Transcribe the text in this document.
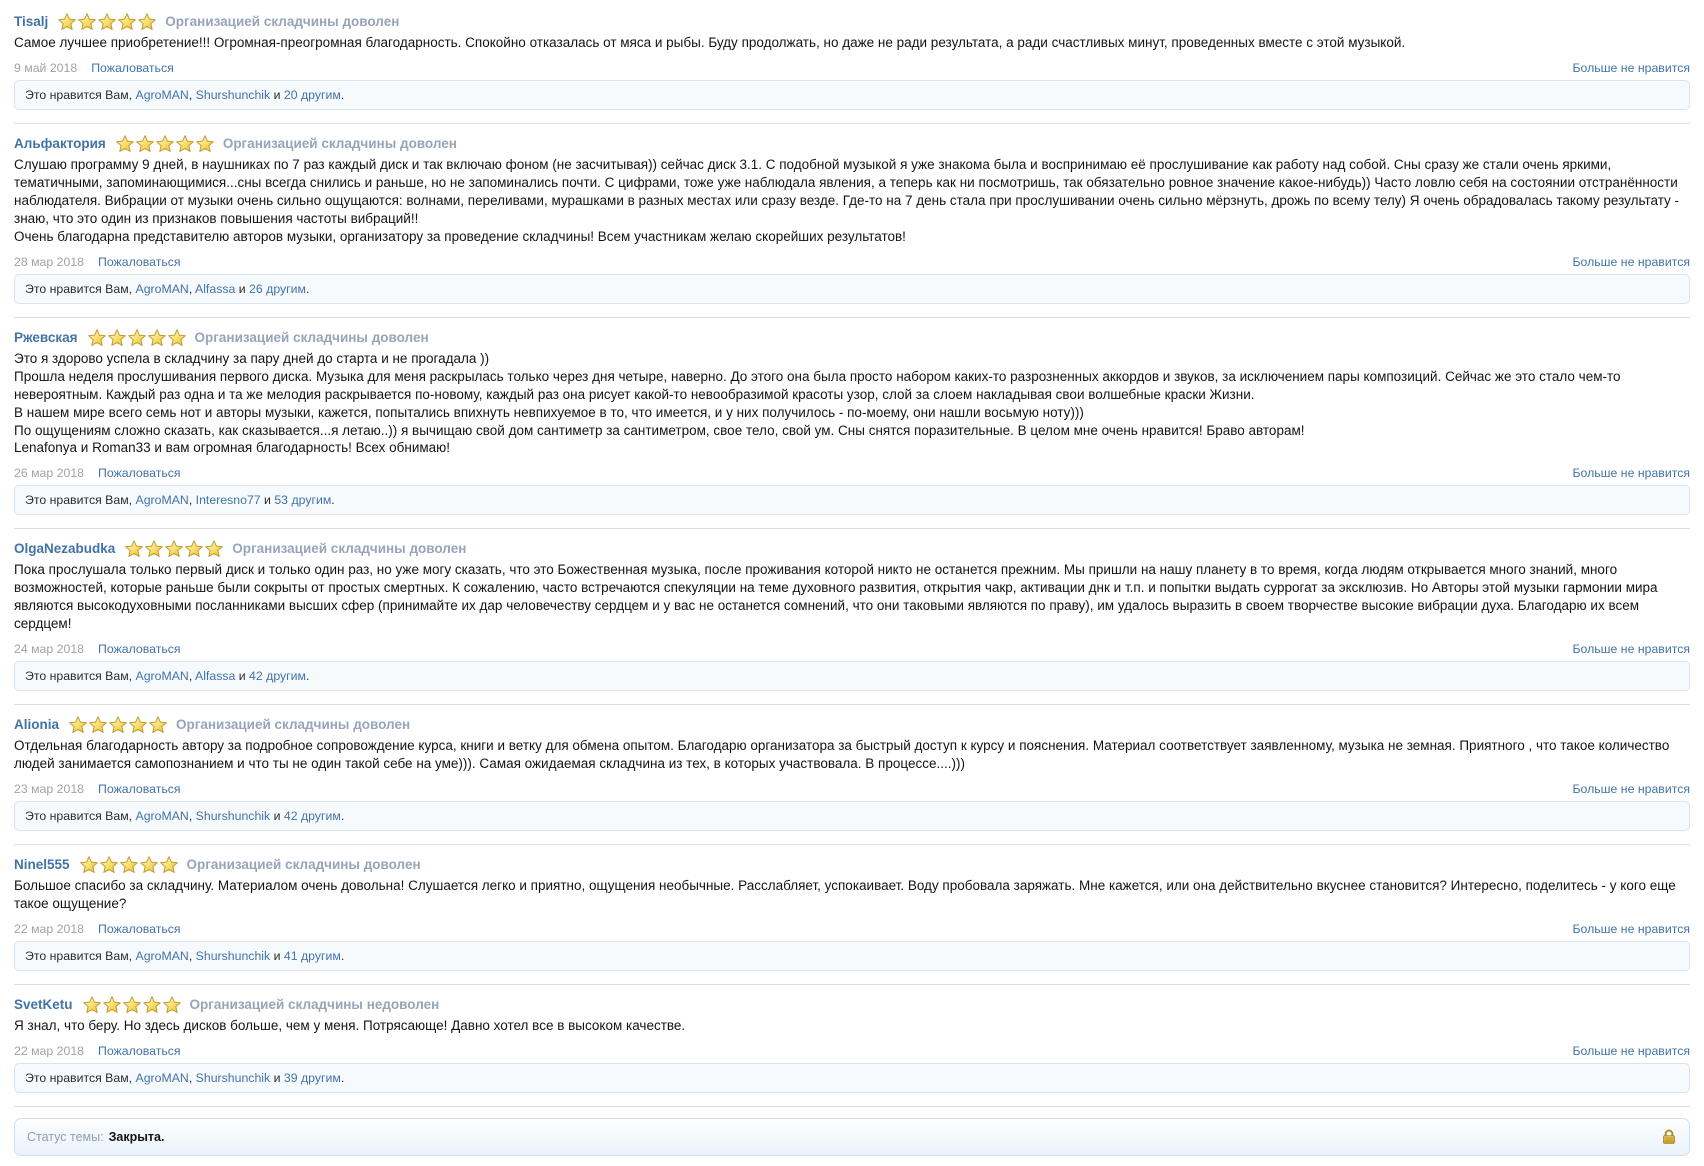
Tisalj	Организацией складчины доволен
Самое лучшее приобретение!!! Огромная-преогромная благодарность. Спокойно отказалась от мяса и рыбы. Буду продолжать, но даже не ради результата, а ради счастливых минут, проведенных вместе с этой музыкой.
9 май 2018 Пожаловаться	Больше не нравится
Это нравится Вам, AgroMAN, Shurshunchik и 20 другим.
Альфактория	Организацией складчины доволен
Слушаю программу 9 дней, в наушниках по 7 раз каждый диск и так включаю фоном (не засчитывая)) сейчас диск 3.1. С подобной музыкой я уже знакома была и воспринимаю её прослушивание как работу над собой. Сны сразу же стали очень яркими, тематичными, запоминающимися...сны всегда снились и раньше, но не запоминались почти. С цифрами, тоже уже наблюдала явления, а теперь как ни посмотришь, так обязательно ровное значение какое-нибудь)) Часто ловлю себя на состоянии отстранённости наблюдателя. Вибрации от музыки очень сильно ощущаются: волнами, переливами, мурашками в разных местах или сразу везде. Где-то на 7 день стала при прослушивании очень сильно мёрзнуть, дрожь по всему телу) Я очень обрадовалась такому результату - знаю, что это один из признаков повышения частоты вибраций!!
Очень благодарна представителю авторов музыки, организатору за проведение складчины! Всем участникам желаю скорейших результатов!
28 мар 2018 Пожаловаться	Больше не нравится
Это нравится Вам, AgroMAN, Alfassa и 26 другим.
Ржевская	Организацией складчины доволен
Это я здорово успела в складчину за пару дней до старта и не прогадала ))
Прошла неделя прослушивания первого диска. Музыка для меня раскрылась только через дня четыре, наверно. До этого она была просто набором каких-то разрозненных аккордов и звуков, за исключением пары композиций. Сейчас же это стало чем-то невероятным. Каждый раз одна и та же мелодия раскрывается по-новому, каждый раз она рисует какой-то невообразимой красоты узор, слой за слоем накладывая свои волшебные краски Жизни.
В нашем мире всего семь нот и авторы музыки, кажется, попытались впихнуть невпихуемое в то, что имеется, и у них получилось - по-моему, они нашли восьмую ноту)))
По ощущениям сложно сказать, как сказывается...я летаю..)) я вычищаю свой дом сантиметр за сантиметром, свое тело, свой ум. Сны снятся поразительные. В целом мне очень нравится! Браво авторам!
Lenafonya и Roman33 и вам огромная благодарность! Всех обнимаю!
26 мар 2018 Пожаловаться	Больше не нравится
Это нравится Вам, AgroMAN, Interesno77 и 53 другим.
OlgaNezabudka	Организацией складчины доволен
Пока прослушала только первый диск и только один раз, но уже могу сказать, что это Божественная музыка, после проживания которой никто не останется прежним. Мы пришли на нашу планету в то время, когда людям открывается много знаний, много возможностей, которые раньше были сокрыты от простых смертных. К сожалению, часто встречаются спекуляции на теме духовного развития, открытия чакр, активации днк и т.п. и попытки выдать суррогат за эксклюзив. Но Авторы этой музыки гармонии мира являются высокодуховными посланниками высших сфер (принимайте их дар человечеству сердцем и у вас не останется сомнений, что они таковыми являются по праву), им удалось выразить в своем творчестве высокие вибрации духа. Благодарю их всем сердцем!
24 мар 2018 Пожаловаться	Больше не нравится
Это нравится Вам, AgroMAN, Alfassa и 42 другим.
Alionia	Организацией складчины доволен
Отдельная благодарность автору за подробное сопровождение курса, книги и ветку для обмена опытом. Благодарю организатора за быстрый доступ к курсу и пояснения. Материал соответствует заявленному, музыка не земная. Приятного , что такое количество людей занимается самопознанием и что ты не один такой себе на уме))). Самая ожидаемая складчина из тех, в которых участвовала. В процессе....)))
23 мар 2018 Пожаловаться	Больше не нравится
Это нравится Вам, AgroMAN, Shurshunchik и 42 другим.
Ninel555	Организацией складчины доволен
Большое спасибо за складчину. Материалом очень довольна! Слушается легко и приятно, ощущения необычные. Расслабляет, успокаивает. Воду пробовала заряжать. Мне кажется, или она действительно вкуснее становится? Интересно, поделитесь - у кого еще такое ощущение?
22 мар 2018 Пожаловаться	Больше не нравится
Это нравится Вам, AgroMAN, Shurshunchik и 41 другим.
SvetKetu	Организацией складчины недоволен
Я знал, что беру. Но здесь дисков больше, чем у меня. Потрясающе! Давно хотел все в высоком качестве.
22 мар 2018 Пожаловаться	Больше не нравится
Это нравится Вам, AgroMAN, Shurshunchik и 39 другим.
Статус темы: Закрыта.
